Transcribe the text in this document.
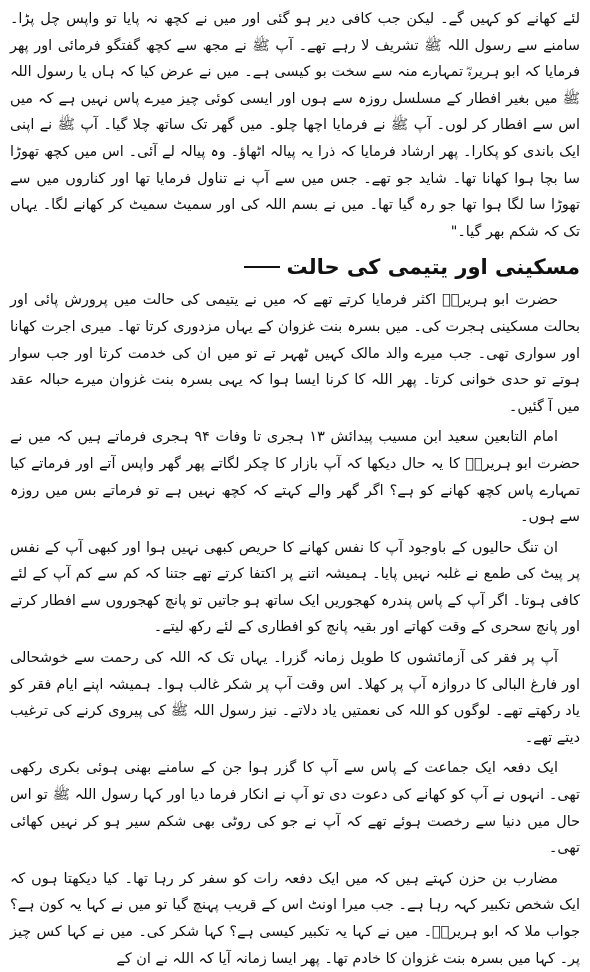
لئے کھانے کو کہیں گے۔ لیکن جب کافی دیر ہو گئی اور میں نے کچھ نہ پایا تو واپس چل پڑا۔ سامنے سے رسول اللہ ﷺ تشریف لا رہے تھے۔ آپ ﷺ نے مجھ سے کچھ گفتگو فرمائی اور پھر فرمایا کہ ابو ہریرہؓ تمہارے منہ سے سخت بو کیسی ہے۔ میں نے عرض کیا کہ ہاں یا رسول اللہ ﷺ میں بغیر افطار کے مسلسل روزہ سے ہوں اور ایسی کوئی چیز میرے پاس نہیں ہے کہ میں اس سے افطار کر لوں۔ آپ ﷺ نے فرمایا اچھا چلو۔ میں گھر تک ساتھ چلا گیا۔ آپ ﷺ نے اپنی ایک باندی کو پکارا۔ پھر ارشاد فرمایا کہ ذرا یہ پیالہ اٹھاؤ۔ وہ پیالہ لے آئی۔ اس میں کچھ تھوڑا سا بچا ہوا کھانا تھا۔ شاید جو تھے۔ جس میں سے آپ نے تناول فرمایا تھا اور کناروں میں سے تھوڑا سا لگا ہوا تھا جو رہ گیا تھا۔ میں نے بسم اللہ کی اور سمیٹ سمیٹ کر کھانے لگا۔ یہاں تک کہ شکم بھر گیا۔"

مسکینی اور یتیمی کی حالت

حضرت ابو ہریرہؓ اکثر فرمایا کرتے تھے کہ میں نے یتیمی کی حالت میں پرورش پائی اور بحالت مسکینی ہجرت کی۔ میں بسرہ بنت غزوان کے یہاں مزدوری کرتا تھا۔ میری اجرت کھانا اور سواری تھی۔ جب میرے والد مالک کہیں ٹھہر تے تو میں ان کی خدمت کرتا اور جب سوار ہوتے تو حدی خوانی کرتا۔ پھر اللہ کا کرنا ایسا ہوا کہ یہی بسرہ بنت غزوان میرے حبالہ عقد میں آ گئیں۔

امام التابعین سعید ابن مسیب پیدائش ۱۳ ہجری تا وفات ۹۴ ہجری فرماتے ہیں کہ میں نے حضرت ابو ہریرہؓ کا یہ حال دیکھا کہ آپ بازار کا چکر لگاتے پھر گھر واپس آتے اور فرماتے کیا تمہارے پاس کچھ کھانے کو ہے؟ اگر گھر والے کہتے کہ کچھ نہیں ہے تو فرماتے بس میں روزہ سے ہوں۔

ان تنگ حالیوں کے باوجود آپ کا نفس کھانے کا حریص کبھی نہیں ہوا اور کبھی آپ کے نفس پر پیٹ کی طمع نے غلبہ نہیں پایا۔ ہمیشہ اتنے پر اکتفا کرتے تھے جتنا کہ کم سے کم آپ کے لئے کافی ہوتا۔ اگر آپ کے پاس پندرہ کھجوریں ایک ساتھ ہو جاتیں تو پانچ کھجوروں سے افطار کرتے اور پانچ سحری کے وقت کھاتے اور بقیہ پانچ کو افطاری کے لئے رکھ لیتے۔

آپ پر فقر کی آزمائشوں کا طویل زمانہ گزرا۔ یہاں تک کہ اللہ کی رحمت سے خوشحالی اور فارغ البالی کا دروازہ آپ پر کھلا۔ اس وقت آپ پر شکر غالب ہوا۔ ہمیشہ اپنے ایام فقر کو یاد رکھتے تھے۔ لوگوں کو اللہ کی نعمتیں یاد دلاتے۔ نیز رسول اللہ ﷺ کی پیروی کرنے کی ترغیب دیتے تھے۔

ایک دفعہ ایک جماعت کے پاس سے آپ کا گزر ہوا جن کے سامنے بھنی ہوئی بکری رکھی تھی۔ انہوں نے آپ کو کھانے کی دعوت دی تو آپ نے انکار فرما دیا اور کہا رسول اللہ ﷺ تو اس حال میں دنیا سے رخصت ہوئے تھے کہ آپ نے جو کی روٹی بھی شکم سیر ہو کر نہیں کھائی تھی۔

مضارب بن حزن کہتے ہیں کہ میں ایک دفعہ رات کو سفر کر رہا تھا۔ کیا دیکھتا ہوں کہ ایک شخص تکبیر کہہ رہا ہے۔ جب میرا اونٹ اس کے قریب پہنچ گیا تو میں نے کہا یہ کون ہے؟ جواب ملا کہ ابو ہریرہؓ۔ میں نے کہا یہ تکبیر کیسی ہے؟ کہا شکر کی۔ میں نے کہا کس چیز پر۔ کہا میں بسرہ بنت غزوان کا خادم تھا۔ پھر ایسا زمانہ آیا کہ اللہ نے ان کے
